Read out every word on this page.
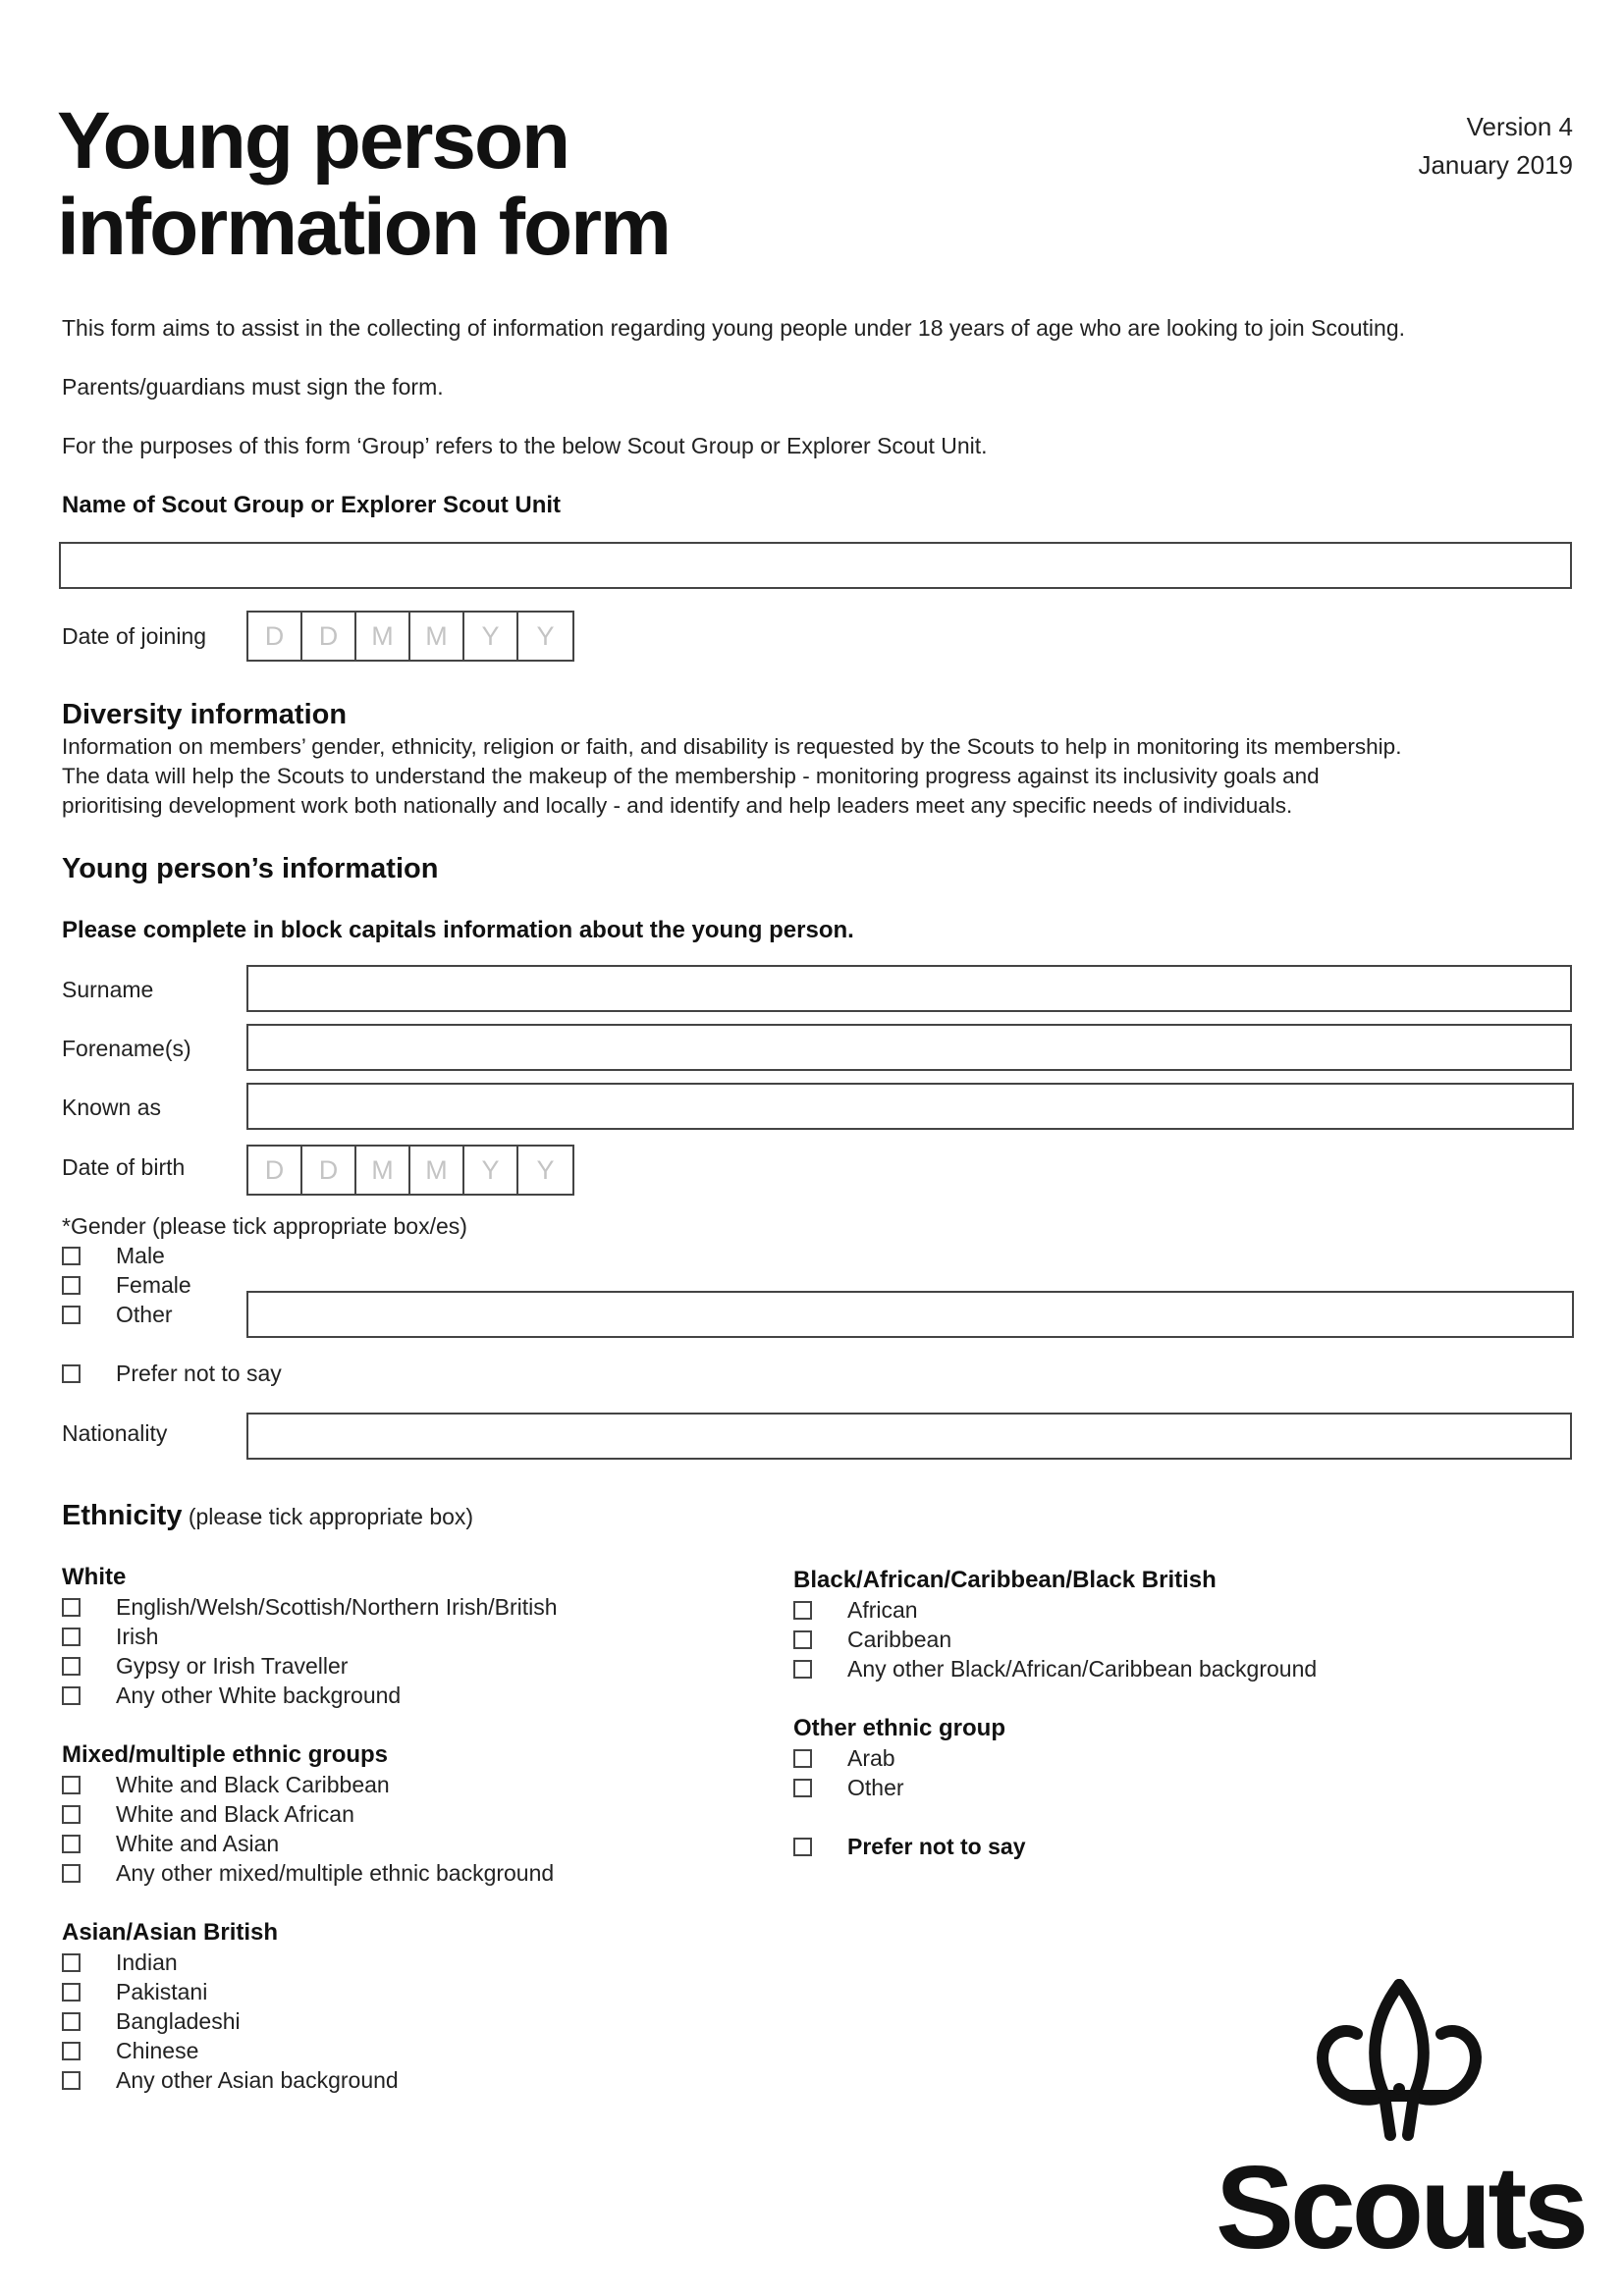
Young person
information form
Version 4
January 2019
This form aims to assist in the collecting of information regarding young people under 18 years of age who are looking to join Scouting.
Parents/guardians must sign the form.
For the purposes of this form ‘Group’ refers to the below Scout Group or Explorer Scout Unit.
Name of Scout Group or Explorer Scout Unit
Date of joining	D	D	M	M	Y	Y
Diversity information
Information on members’ gender, ethnicity, religion or faith, and disability is requested by the Scouts to help in monitoring its membership.
The data will help the Scouts to understand the makeup of the membership - monitoring progress against its inclusivity goals and
prioritising development work both nationally and locally - and identify and help leaders meet any specific needs of individuals.
Young person’s information
Please complete in block capitals information about the young person.
Surname
Forename(s)
Known as
Date of birth	D	D	M	M	Y	Y
*Gender (please tick appropriate box/es)
Male
Female
Other
Prefer not to say
Nationality
Ethnicity (please tick appropriate box)
White
English/Welsh/Scottish/Northern Irish/British
Irish
Gypsy or Irish Traveller
Any other White background
Mixed/multiple ethnic groups
White and Black Caribbean
White and Black African
White and Asian
Any other mixed/multiple ethnic background
Asian/Asian British
Indian
Pakistani
Bangladeshi
Chinese
Any other Asian background
Black/African/Caribbean/Black British
African
Caribbean
Any other Black/African/Caribbean background
Other ethnic group
Arab
Other
Prefer not to say
Scouts
